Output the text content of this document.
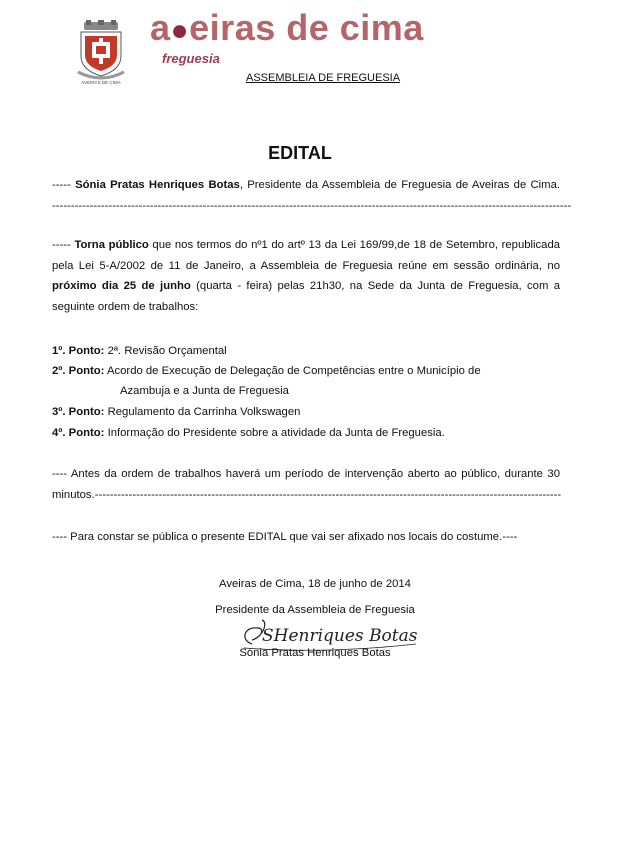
AVEIRAS DE CIMA
a●eiras de cima
freguesia
ASSEMBLEIA DE FREGUESIA
EDITAL
----- Sónia Pratas Henriques Botas, Presidente da Assembleia de Freguesia de Aveiras de Cima. ------------------------------------------------------------------------------------------------------------------------------------------
----- Torna público que nos termos do nº1 do artº 13 da Lei 169/99,de 18 de Setembro, republicada pela Lei 5-A/2002 de 11 de Janeiro, a Assembleia de Freguesia reúne em sessão ordinária, no próximo dia 25 de junho (quarta - feira) pelas 21h30, na Sede da Junta de Freguesia, com a seguinte ordem de trabalhos:
1º. Ponto: 2ª. Revisão Orçamental
2º. Ponto: Acordo de Execução de Delegação de Competências entre o Município de
Azambuja e a Junta de Freguesia
3º. Ponto: Regulamento da Carrinha Volkswagen
4º. Ponto: Informação do Presidente sobre a atividade da Junta de Freguesia.
---- Antes da ordem de trabalhos haverá um período de intervenção aberto ao público, durante 30 minutos.----------------------------------------------------------------------------------------------------------------------------
---- Para constar se pública o presente EDITAL que vai ser afixado nos locais do costume.----
Aveiras de Cima, 18 de junho de 2014
Presidente da Assembleia de Freguesia
SHenriques Botas
Sónia Pratas Henriques Botas
